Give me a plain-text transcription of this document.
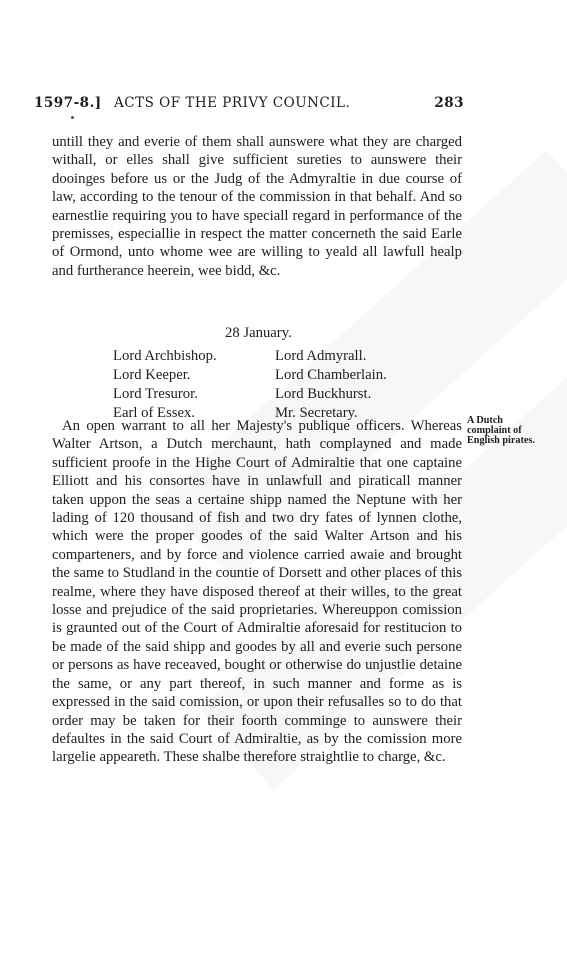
1597-8.] ACTS OF THE PRIVY COUNCIL.	283
untill they and everie of them shall aunswere what they are charged withall, or elles shall give sufficient sureties to aunswere their dooinges before us or the Judg of the Admyraltie in due course of law, according to the tenour of the commission in that behalf. And so earnestlie requiring you to have speciall regard in performance of the premisses, especiallie in respect the matter concerneth the said Earle of Ormond, unto whome wee are willing to yeald all lawfull healp and furtherance heerein, wee bidd, &c.
28 January.
Lord Archbishop.	Lord Admyrall.
Lord Keeper.	Lord Chamberlain.
Lord Tresuror.	Lord Buckhurst.
Earl of Essex.	Mr. Secretary.
An open warrant to all her Majesty's publique officers. Whereas Walter Artson, a Dutch merchaunt, hath complayned and made sufficient proofe in the Highe Court of Admiraltie that one captaine Elliott and his consortes have in unlawfull and piraticall manner taken uppon the seas a certaine shipp named the Neptune with her lading of 120 thousand of fish and two dry fates of lynnen clothe, which were the proper goodes of the said Walter Artson and his comparteners, and by force and violence carried awaie and brought the same to Studland in the countie of Dorsett and other places of this realme, where they have disposed thereof at their willes, to the great losse and prejudice of the said proprietaries. Whereuppon comission is graunted out of the Court of Admiraltie aforesaid for restitucion to be made of the said shipp and goodes by all and everie such persone or persons as have receaved, bought or otherwise do unjustlie detaine the same, or any part thereof, in such manner and forme as is expressed in the said comission, or upon their refusalles so to do that order may be taken for their foorth comminge to aunswere their defaultes in the said Court of Admiraltie, as by the comission more largelie appeareth. These shalbe therefore straightlie to charge, &c.
A Dutch complaint of English pirates.
